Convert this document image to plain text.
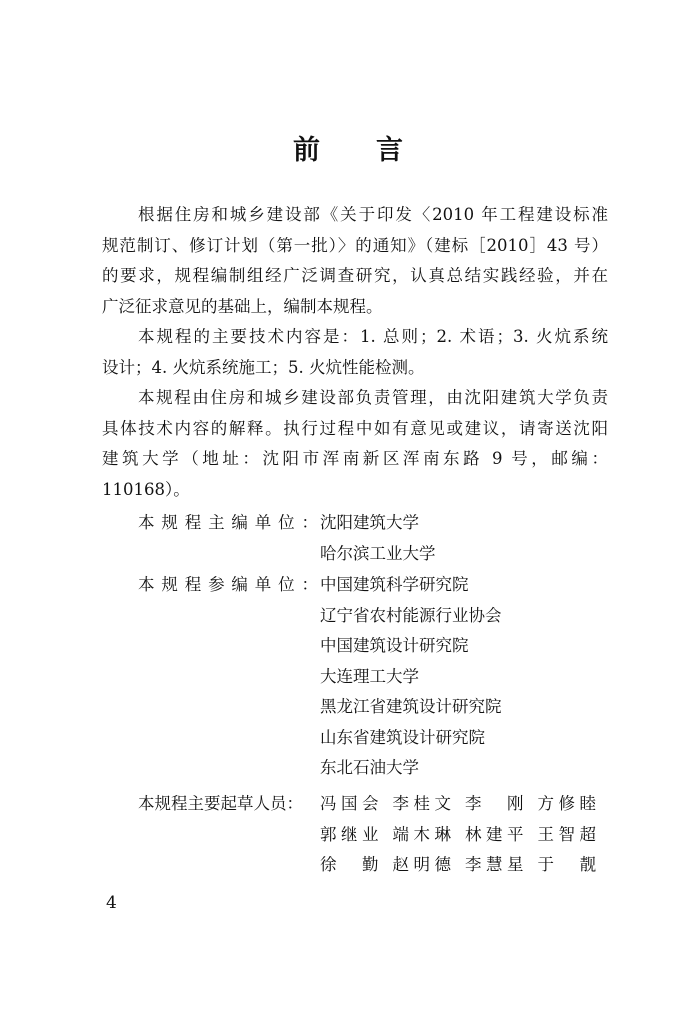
前 言
根据住房和城乡建设部《关于印发〈2010 年工程建设标准
规范制订、修订计划（第一批）〉的通知》（建标［2010］43 号）
的要求，规程编制组经广泛调查研究，认真总结实践经验，并在
广泛征求意见的基础上，编制本规程。
本规程的主要技术内容是：1. 总则；2. 术语；3. 火炕系统
设计；4. 火炕系统施工；5. 火炕性能检测。
本规程由住房和城乡建设部负责管理，由沈阳建筑大学负责
具体技术内容的解释。执行过程中如有意见或建议，请寄送沈阳
建筑大学（地址：沈阳市浑南新区浑南东路 9 号，邮编：
110168）。
本规程主编单位： 沈阳建筑大学
哈尔滨工业大学
本规程参编单位： 中国建筑科学研究院
辽宁省农村能源行业协会
中国建筑设计研究院
大连理工大学
黑龙江省建筑设计研究院
山东省建筑设计研究院
东北石油大学
本规程主要起草人员：	冯国会 李桂文 李 刚 方修睦
郭继业 端木琳 林建平 王智超
徐 勤 赵明德 李慧星 于 靓
4
